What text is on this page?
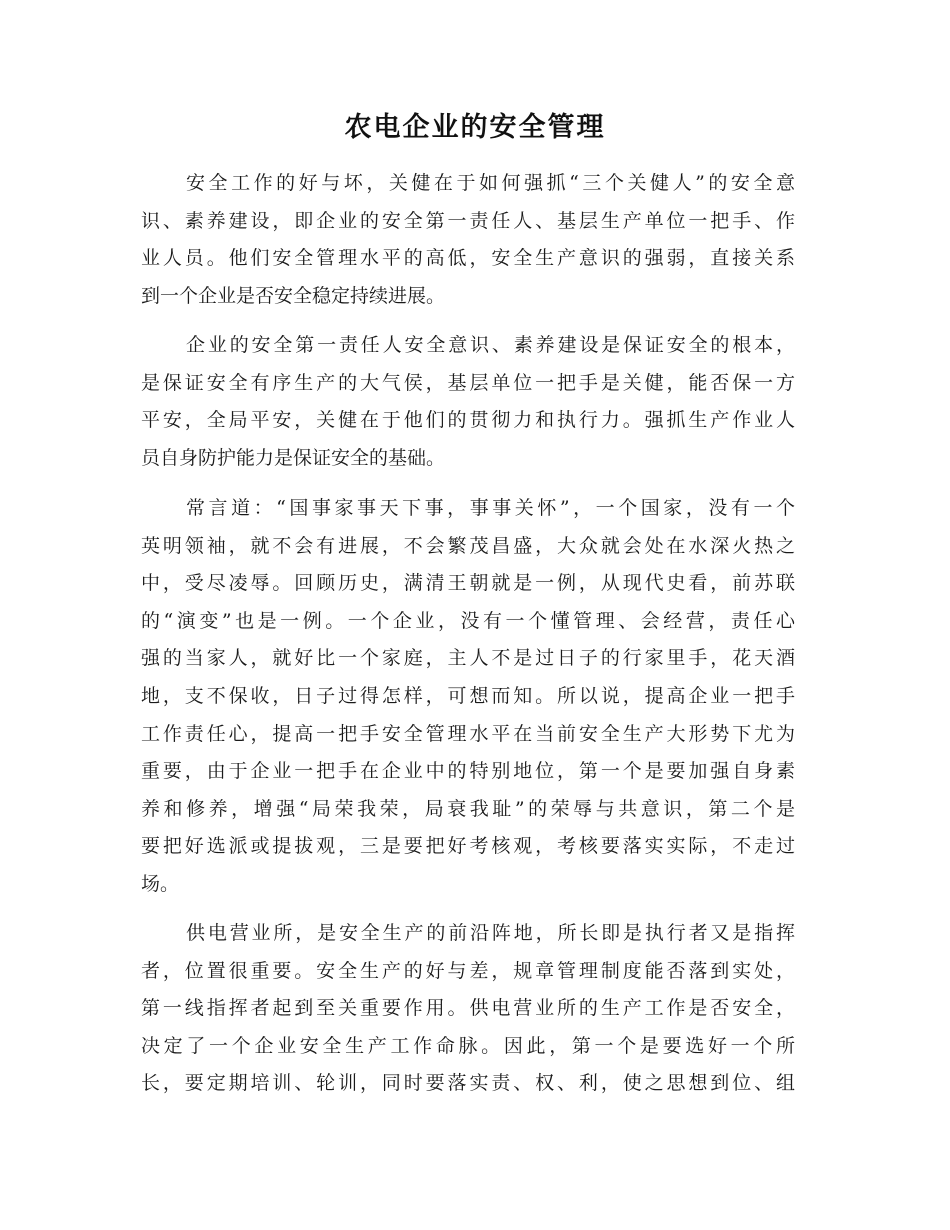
农电企业的安全管理
安全工作的好与坏，关健在于如何强抓“三个关健人”的安全意
识、素养建设，即企业的安全第一责任人、基层生产单位一把手、作
业人员。他们安全管理水平的高低，安全生产意识的强弱，直接关系
到一个企业是否安全稳定持续进展。
企业的安全第一责任人安全意识、素养建设是保证安全的根本，
是保证安全有序生产的大气侯，基层单位一把手是关健，能否保一方
平安，全局平安，关健在于他们的贯彻力和执行力。强抓生产作业人
员自身防护能力是保证安全的基础。
常言道：“国事家事天下事，事事关怀”，一个国家，没有一个
英明领袖，就不会有进展，不会繁茂昌盛，大众就会处在水深火热之
中，受尽凌辱。回顾历史，满清王朝就是一例，从现代史看，前苏联
的“演变”也是一例。一个企业，没有一个懂管理、会经营，责任心
强的当家人，就好比一个家庭，主人不是过日子的行家里手，花天酒
地，支不保收，日子过得怎样，可想而知。所以说，提高企业一把手
工作责任心，提高一把手安全管理水平在当前安全生产大形势下尤为
重要，由于企业一把手在企业中的特别地位，第一个是要加强自身素
养和修养，增强“局荣我荣，局衰我耻”的荣辱与共意识，第二个是
要把好选派或提拔观，三是要把好考核观，考核要落实实际，不走过
场。
供电营业所，是安全生产的前沿阵地，所长即是执行者又是指挥
者，位置很重要。安全生产的好与差，规章管理制度能否落到实处，
第一线指挥者起到至关重要作用。供电营业所的生产工作是否安全，
决定了一个企业安全生产工作命脉。因此，第一个是要选好一个所
长，要定期培训、轮训，同时要落实责、权、利，使之思想到位、组
